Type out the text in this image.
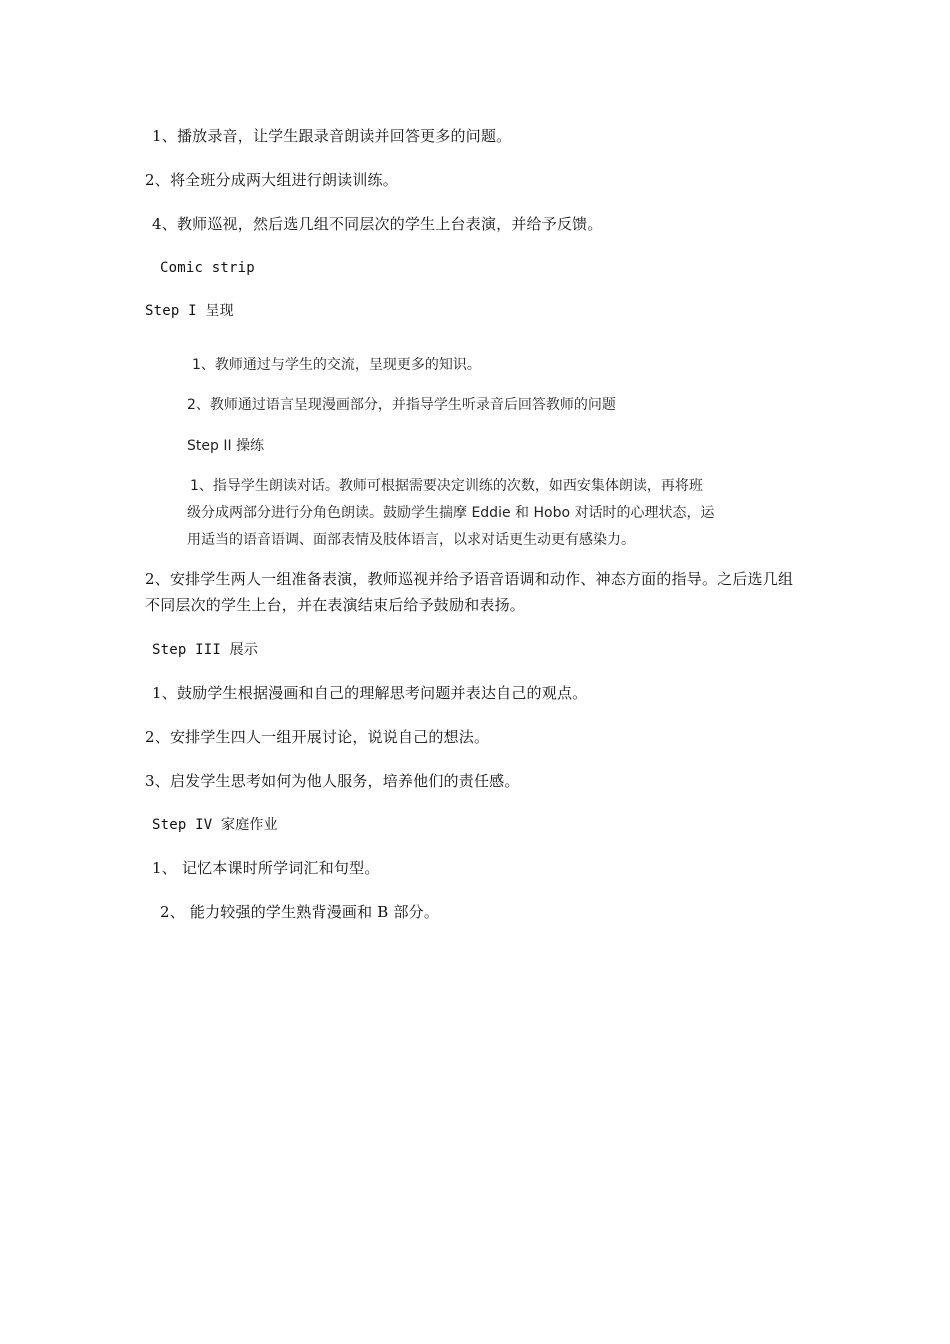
1、播放录音，让学生跟录音朗读并回答更多的问题。
2、将全班分成两大组进行朗读训练。
4、教师巡视，然后选几组不同层次的学生上台表演，并给予反馈。
Comic strip
Step I 呈现
1、教师通过与学生的交流，呈现更多的知识。
2、教师通过语言呈现漫画部分，并指导学生听录音后回答教师的问题
Step II 操练
1、指导学生朗读对话。教师可根据需要决定训练的次数，如西安集体朗读，再将班
级分成两部分进行分角色朗读。鼓励学生揣摩 Eddie 和 Hobo 对话时的心理状态，运
用适当的语音语调、面部表情及肢体语言，以求对话更生动更有感染力。
2、安排学生两人一组准备表演，教师巡视并给予语音语调和动作、神态方面的指导。之后选几组不同层次的学生上台，并在表演结束后给予鼓励和表扬。
Step III 展示
1、鼓励学生根据漫画和自己的理解思考问题并表达自己的观点。
2、安排学生四人一组开展讨论，说说自己的想法。
3、启发学生思考如何为他人服务，培养他们的责任感。
Step IV 家庭作业
1、 记忆本课时所学词汇和句型。
2、 能力较强的学生熟背漫画和 B 部分。
